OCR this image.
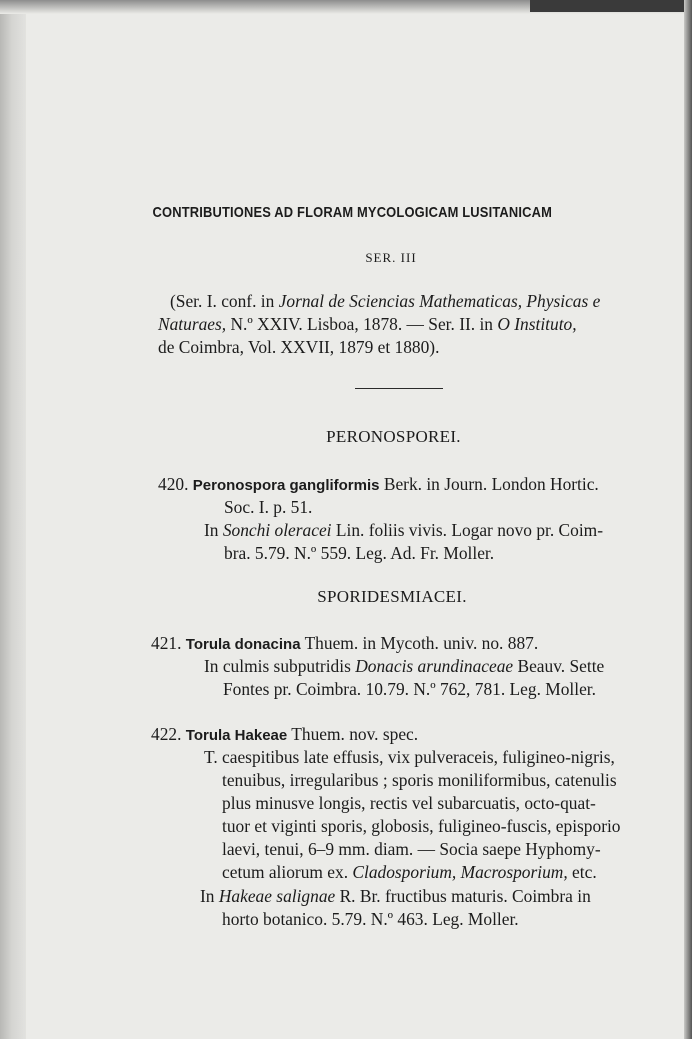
CONTRIBUTIONES AD FLORAM MYCOLOGICAM LUSITANICAM
SER. III
(Ser. I. conf. in Jornal de Sciencias Mathematicas, Physicas e
Naturaes, N.º XXIV. Lisboa, 1878. — Ser. II. in O Instituto,
de Coimbra, Vol. XXVII, 1879 et 1880).
PERONOSPOREI.
420. Peronospora gangliformis Berk. in Journ. London Hortic.
Soc. I. p. 51.
In Sonchi oleracei Lin. foliis vivis. Logar novo pr. Coim-
bra. 5.79. N.º 559. Leg. Ad. Fr. Moller.
SPORIDESMIACEI.
421. Torula donacina Thuem. in Mycoth. univ. no. 887.
In culmis subputridis Donacis arundinaceae Beauv. Sette
Fontes pr. Coimbra. 10.79. N.º 762, 781. Leg. Moller.
422. Torula Hakeae Thuem. nov. spec.
T. caespitibus late effusis, vix pulveraceis, fuligineo-nigris,
tenuibus, irregularibus ; sporis moniliformibus, catenulis
plus minusve longis, rectis vel subarcuatis, octo-quat-
tuor et viginti sporis, globosis, fuligineo-fuscis, episporio
laevi, tenui, 6–9 mm. diam. — Socia saepe Hyphomy-
cetum aliorum ex. Cladosporium, Macrosporium, etc.
In Hakeae salignae R. Br. fructibus maturis. Coimbra in
horto botanico. 5.79. N.º 463. Leg. Moller.
